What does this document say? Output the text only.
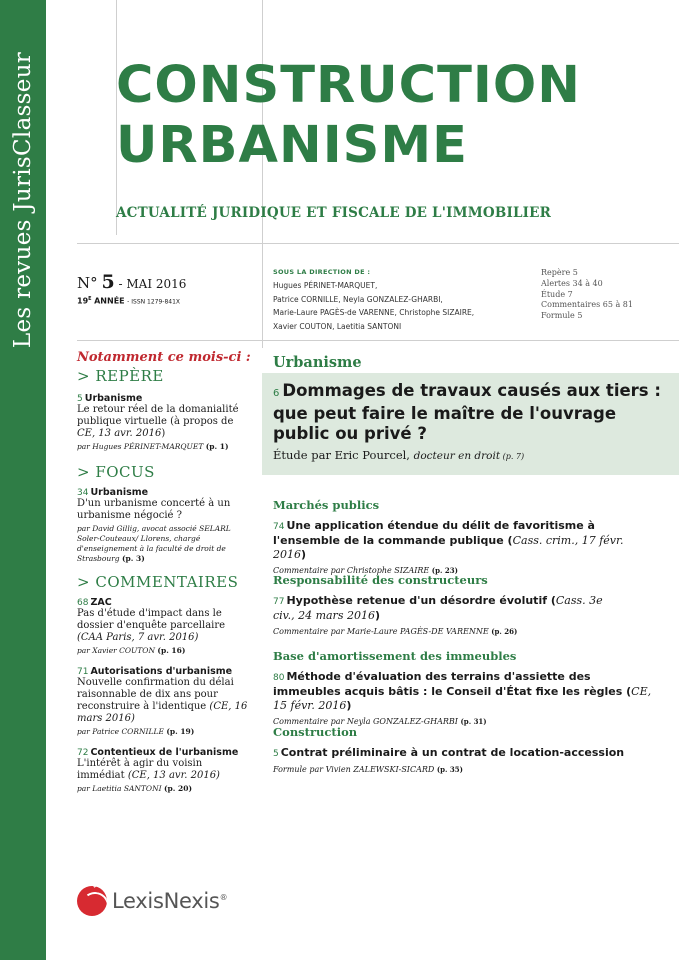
Les revues JurisClasseur CONSTRUCTION
URBANISME
ACTUALITÉ JURIDIQUE ET FISCALE DE L'IMMOBILIER
N° 5 - MAI 2016
$19^E$ ANNÉE - ISSN 1279-841X
SOUS LA DIRECTION DE :
Hugues PÉRINET-MARQUET,
Patrice CORNILLE, Neyla GONZALEZ-GHARBI,
Marie-Laure PAGÈS-de VARENNE, Christophe SIZAIRE,
Xavier COUTON, Laetitia SANTONI
Repère 5
Alertes 34 à 40
Étude 7
Commentaires 65 à 81
Formule 5
Notamment ce mois-ci :
> REPÈRE
5 Urbanisme
Le retour réel de la domanialité publique virtuelle (à propos de CE, 13 avr. 2016)
par Hugues PÉRINET-MARQUET (p. 1)
> FOCUS
34 Urbanisme
D'un urbanisme concerté à un urbanisme négocié ?
par David Gillig, avocat associé SELARL Soler-Couteaux/ Llorens, chargé d'enseignement à la faculté de droit de Strasbourg (p. 3)
> COMMENTAIRES
68 ZAC
Pas d'étude d'impact dans le dossier d'enquête parcellaire (CAA Paris, 7 avr. 2016)
par Xavier COUTON (p. 16)
71 Autorisations d'urbanisme
Nouvelle confirmation du délai raisonnable de dix ans pour reconstruire à l'identique (CE, 16 mars 2016)
par Patrice CORNILLE (p. 19)
72 Contentieux de l'urbanisme
L'intérêt à agir du voisin immédiat (CE, 13 avr. 2016)
par Laetitia SANTONI (p. 20)
Urbanisme
6 Dommages de travaux causés aux tiers : que peut faire le maître de l'ouvrage public ou privé ?
Étude par Eric Pourcel, docteur en droit (p. 7)
Marchés publics
74 Une application étendue du délit de favoritisme à l'ensemble de la commande publique (Cass. crim., 17 févr. 2016)
Commentaire par Christophe SIZAIRE (p. 23)
Responsabilité des constructeurs
77 Hypothèse retenue d'un désordre évolutif (Cass. 3e civ., 24 mars 2016)
Commentaire par Marie-Laure PAGÈS-DE VARENNE (p. 26)
Base d'amortissement des immeubles
80 Méthode d'évaluation des terrains d'assiette des immeubles acquis bâtis : le Conseil d'État fixe les règles (CE, 15 févr. 2016)
Commentaire par Neyla GONZALEZ-GHARBI (p. 31)
Construction
5 Contrat préliminaire à un contrat de location-accession
Formule par Vivien ZALEWSKI-SICARD (p. 35)
LexisNexis®
